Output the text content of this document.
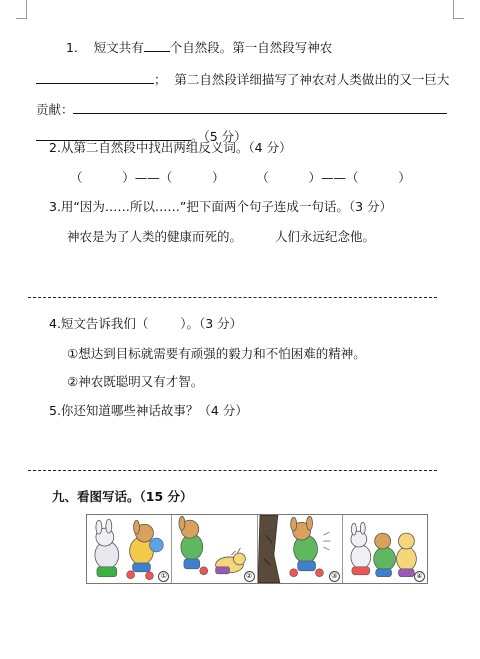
1.    短文共有 个自然段。第一自然段写神农

；  第二自然段详细描写了神农对人类做出的又一巨大

贡献：

。（5 分）

2.从第二自然段中找出两组反义词。（4 分）
（          ）——（          ）        （          ）——（          ）
3.用“因为……所以……”把下面两个句子连成一句话。（3 分）
神农是为了人类的健康而死的。	人们永远纪念他。
4.短文告诉我们（        ）。（3 分）
①想达到目标就需要有顽强的毅力和不怕困难的精神。
②神农既聪明又有才智。
5.你还知道哪些神话故事？（4 分）
九、看图写话。（15 分）
①	②	③	④
